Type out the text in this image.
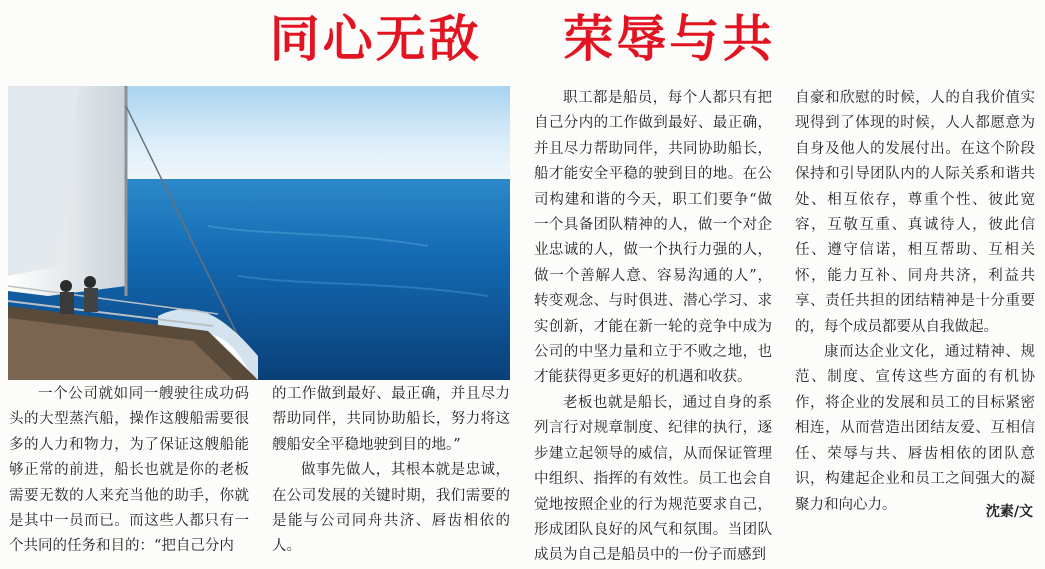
同心无敌    荣辱与共

一个公司就如同一艘驶往成功码头的大型蒸汽船，操作这艘船需要很多的人力和物力，为了保证这艘船能够正常的前进，船长也就是你的老板需要无数的人来充当他的助手，你就是其中一员而已。而这些人都只有一个共同的任务和目的：“把自己分内

的工作做到最好、最正确，并且尽力帮助同伴，共同协助船长，努力将这艘船安全平稳地驶到目的地。”

做事先做人，其根本就是忠诚，在公司发展的关键时期，我们需要的是能与公司同舟共济、唇齿相依的人。

职工都是船员，每个人都只有把自己分内的工作做到最好、最正确，并且尽力帮助同伴，共同协助船长，船才能安全平稳的驶到目的地。在公司构建和谐的今天，职工们要争“做一个具备团队精神的人，做一个对企业忠诚的人，做一个执行力强的人，做一个善解人意、容易沟通的人”，转变观念、与时俱进、潜心学习、求实创新，才能在新一轮的竞争中成为公司的中坚力量和立于不败之地，也才能获得更多更好的机遇和收获。

老板也就是船长，通过自身的系列言行对规章制度、纪律的执行，逐步建立起领导的威信，从而保证管理中组织、指挥的有效性。员工也会自觉地按照企业的行为规范要求自己，形成团队良好的风气和氛围。当团队成员为自己是船员中的一份子而感到

自豪和欣慰的时候，人的自我价值实现得到了体现的时候，人人都愿意为自身及他人的发展付出。在这个阶段保持和引导团队内的人际关系和谐共处、相互依存，尊重个性、彼此宽容，互敬互重、真诚待人，彼此信任、遵守信诺，相互帮助、互相关怀，能力互补、同舟共济，利益共享、责任共担的团结精神是十分重要的，每个成员都要从自我做起。

康而达企业文化，通过精神、规范、制度、宣传这些方面的有机协作，将企业的发展和员工的目标紧密相连，从而营造出团结友爱、互相信任、荣辱与共、唇齿相依的团队意识，构建起企业和员工之间强大的凝聚力和向心力。	沈素/文
